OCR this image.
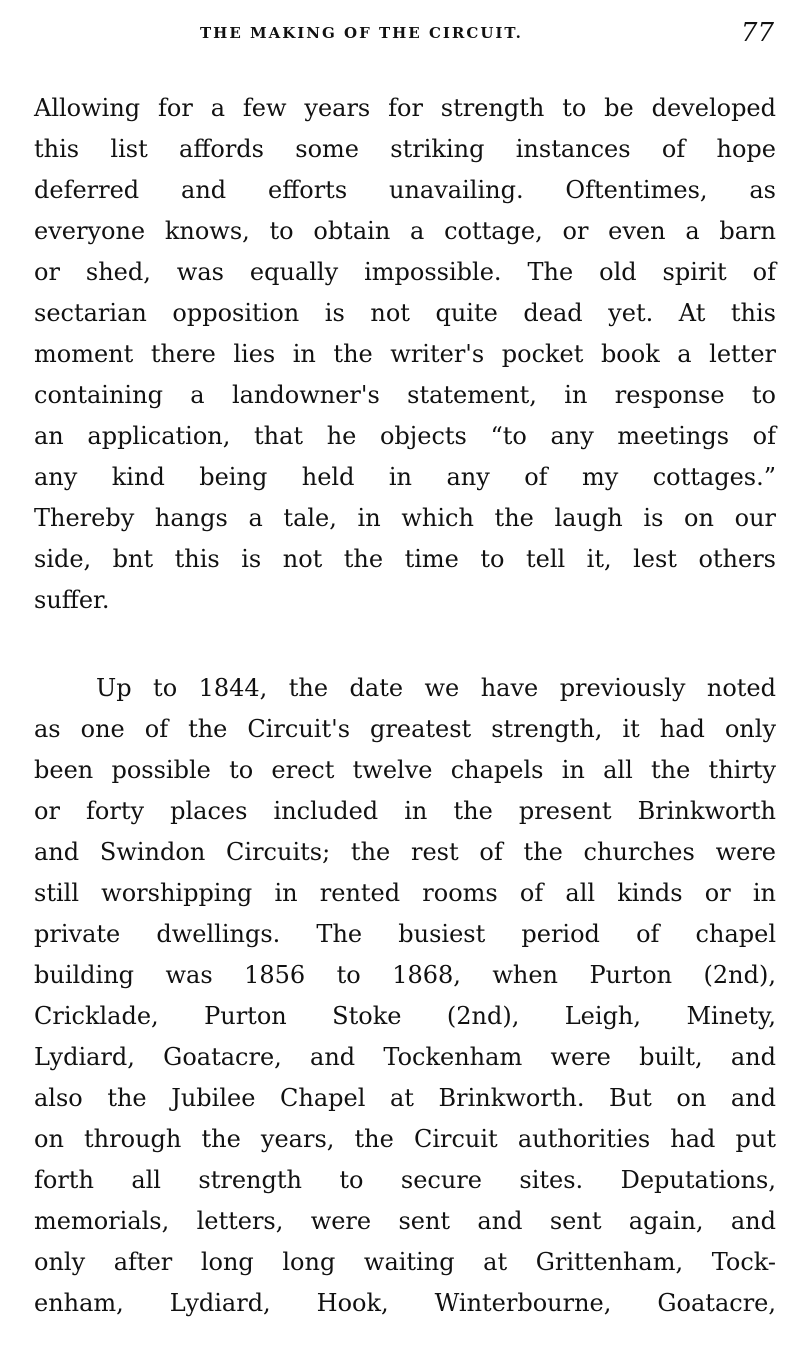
THE MAKING OF THE CIRCUIT.	77
Allowing for a few years for strength to be developed
this list affords some striking instances of hope
deferred and efforts unavailing. Oftentimes, as
everyone knows, to obtain a cottage, or even a barn
or shed, was equally impossible. The old spirit of
sectarian opposition is not quite dead yet. At this
moment there lies in the writer's pocket book a letter
containing a landowner's statement, in response to
an application, that he objects “to any meetings of
any kind being held in any of my cottages.”
Thereby hangs a tale, in which the laugh is on our
side, bnt this is not the time to tell it, lest others
suffer.
Up to 1844, the date we have previously noted
as one of the Circuit's greatest strength, it had only
been possible to erect twelve chapels in all the thirty
or forty places included in the present Brinkworth
and Swindon Circuits; the rest of the churches were
still worshipping in rented rooms of all kinds or in
private dwellings. The busiest period of chapel
building was 1856 to 1868, when Purton (2nd),
Cricklade, Purton Stoke (2nd), Leigh, Minety,
Lydiard, Goatacre, and Tockenham were built, and
also the Jubilee Chapel at Brinkworth. But on and
on through the years, the Circuit authorities had put
forth all strength to secure sites. Deputations,
memorials, letters, were sent and sent again, and
only after long long waiting at Grittenham, Tock-
enham, Lydiard, Hook, Winterbourne, Goatacre,
